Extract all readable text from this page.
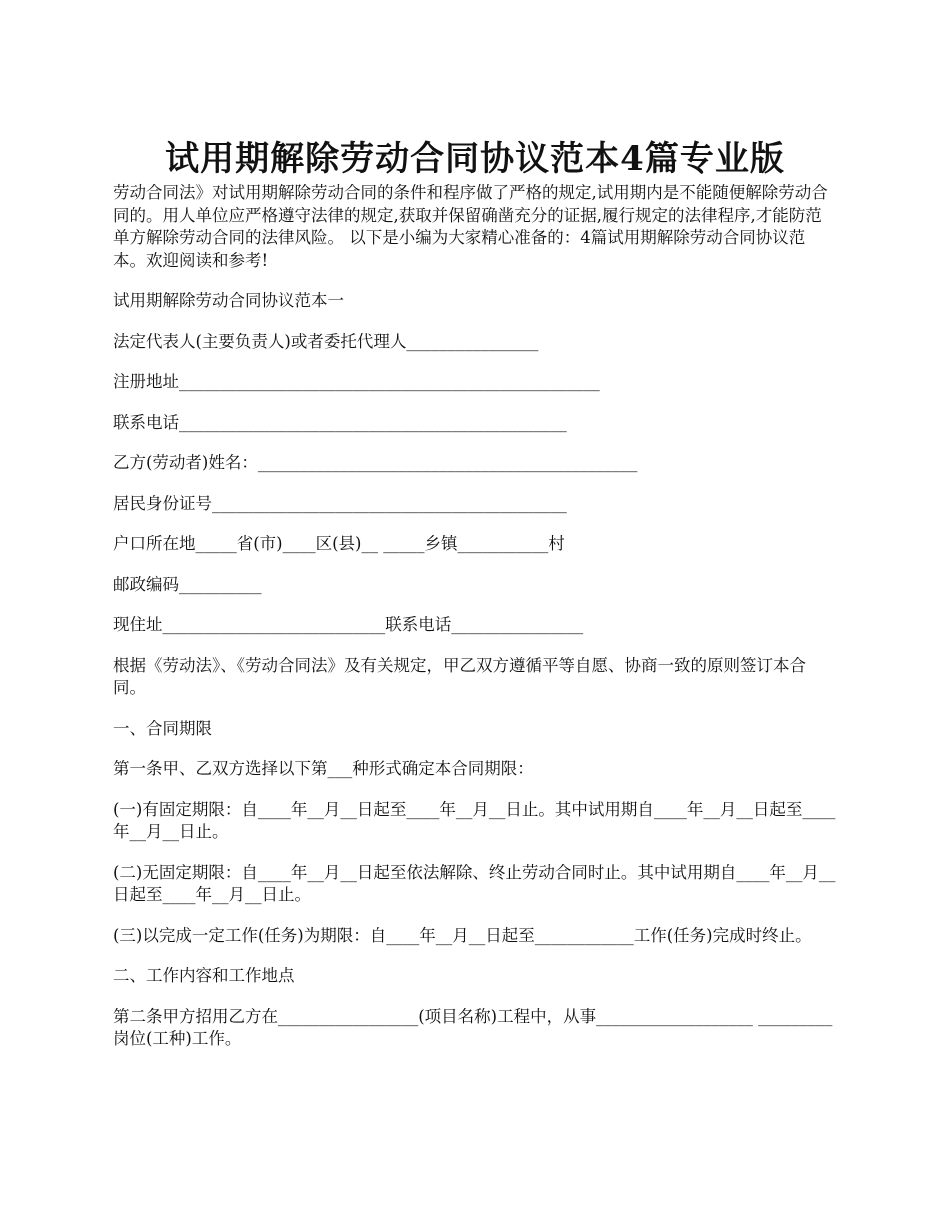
试用期解除劳动合同协议范本4篇专业版

劳动合同法》对试用期解除劳动合同的条件和程序做了严格的规定,试用期内是不能随便解除劳动合同的。用人单位应严格遵守法律的规定,获取并保留确凿充分的证据,履行规定的法律程序,才能防范单方解除劳动合同的法律风险。 以下是小编为大家精心准备的：4篇试用期解除劳动合同协议范本。欢迎阅读和参考!

试用期解除劳动合同协议范本一

法定代表人(主要负责人)或者委托代理人________________

注册地址___________________________________________________

联系电话_______________________________________________

乙方(劳动者)姓名：______________________________________________

居民身份证号___________________________________________

户口所在地_____省(市)____区(县)__ _____乡镇___________村

邮政编码__________

现住址___________________________联系电话________________

根据《劳动法》、《劳动合同法》及有关规定，甲乙双方遵循平等自愿、协商一致的原则签订本合同。

一、合同期限

第一条甲、乙双方选择以下第___种形式确定本合同期限：

(一)有固定期限：自____年__月__日起至____年__月__日止。其中试用期自____年__月__日起至____年__月__日止。

(二)无固定期限：自____年__月__日起至依法解除、终止劳动合同时止。其中试用期自____年__月__日起至____年__月__日止。

(三)以完成一定工作(任务)为期限：自____年__月__日起至____________工作(任务)完成时终止。

二、工作内容和工作地点

第二条甲方招用乙方在_________________(项目名称)工程中，从事___________________ _________岗位(工种)工作。
